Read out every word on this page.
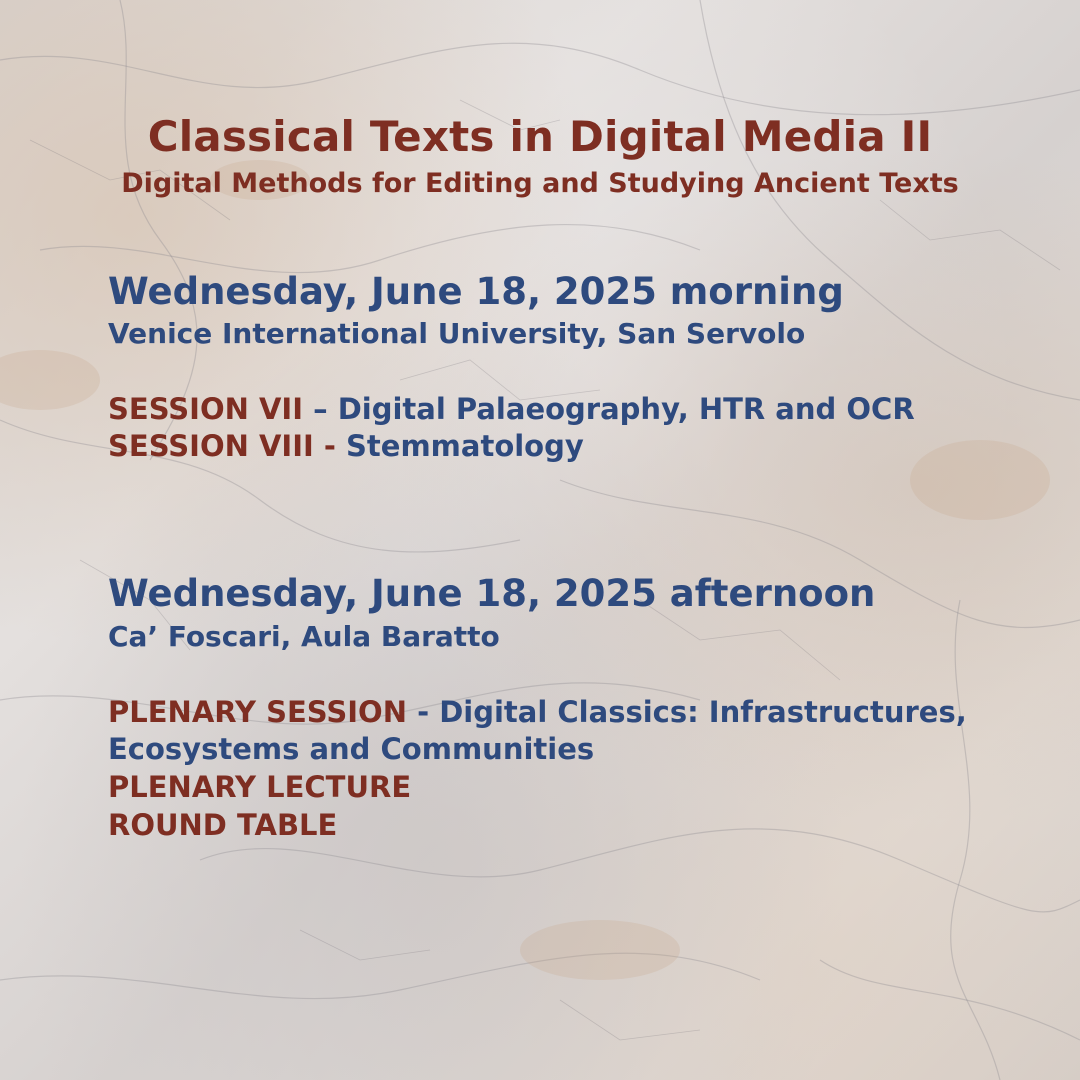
Classical Texts in Digital Media II
Digital Methods for Editing and Studying Ancient Texts
Wednesday, June 18, 2025 morning
Venice International University, San Servolo
SESSION VII – Digital Palaeography, HTR and OCR
SESSION VIII - Stemmatology
Wednesday, June 18, 2025 afternoon
Ca’ Foscari, Aula Baratto
PLENARY SESSION - Digital Classics: Infrastructures,
Ecosystems and Communities
PLENARY LECTURE
ROUND TABLE
